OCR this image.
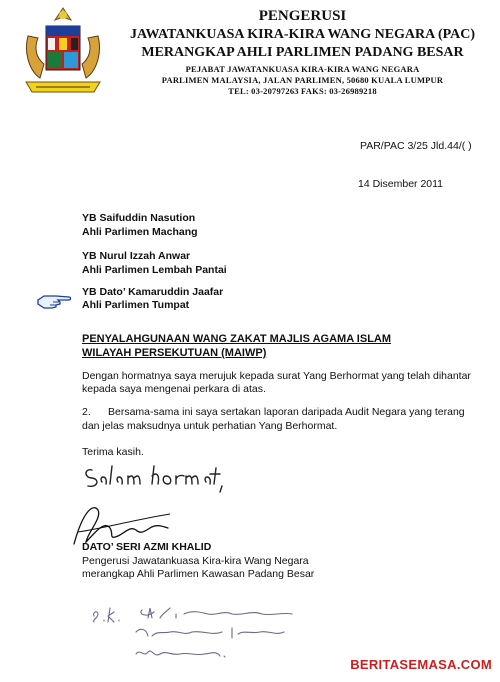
PENGERUSI
JAWATANKUASA KIRA-KIRA WANG NEGARA (PAC)
MERANGKAP AHLI PARLIMEN PADANG BESAR
PEJABAT JAWATANKUASA KIRA-KIRA WANG NEGARA
PARLIMEN MALAYSIA, JALAN PARLIMEN, 50680 KUALA LUMPUR
TEL: 03-20797263 FAKS: 03-26989218
PAR/PAC 3/25 Jld.44/( )
14 Disember 2011
YB Saifuddin Nasution
Ahli Parlimen Machang
YB Nurul Izzah Anwar
Ahli Parlimen Lembah Pantai
YB Dato’ Kamaruddin Jaafar
Ahli Parlimen Tumpat
PENYALAHGUNAAN WANG ZAKAT MAJLIS AGAMA ISLAM
WILAYAH PERSEKUTUAN (MAIWP)
Dengan hormatnya saya merujuk kepada surat Yang Berhormat yang telah dihantar
kepada saya mengenai perkara di atas.
2. Bersama-sama ini saya sertakan laporan daripada Audit Negara yang terang
dan jelas maksudnya untuk perhatian Yang Berhormat.
Terima kasih.
DATO’ SERI AZMI KHALID
Pengerusi Jawatankuasa Kira-kira Wang Negara
merangkap Ahli Parlimen Kawasan Padang Besar
BERITASEMASA.COM
